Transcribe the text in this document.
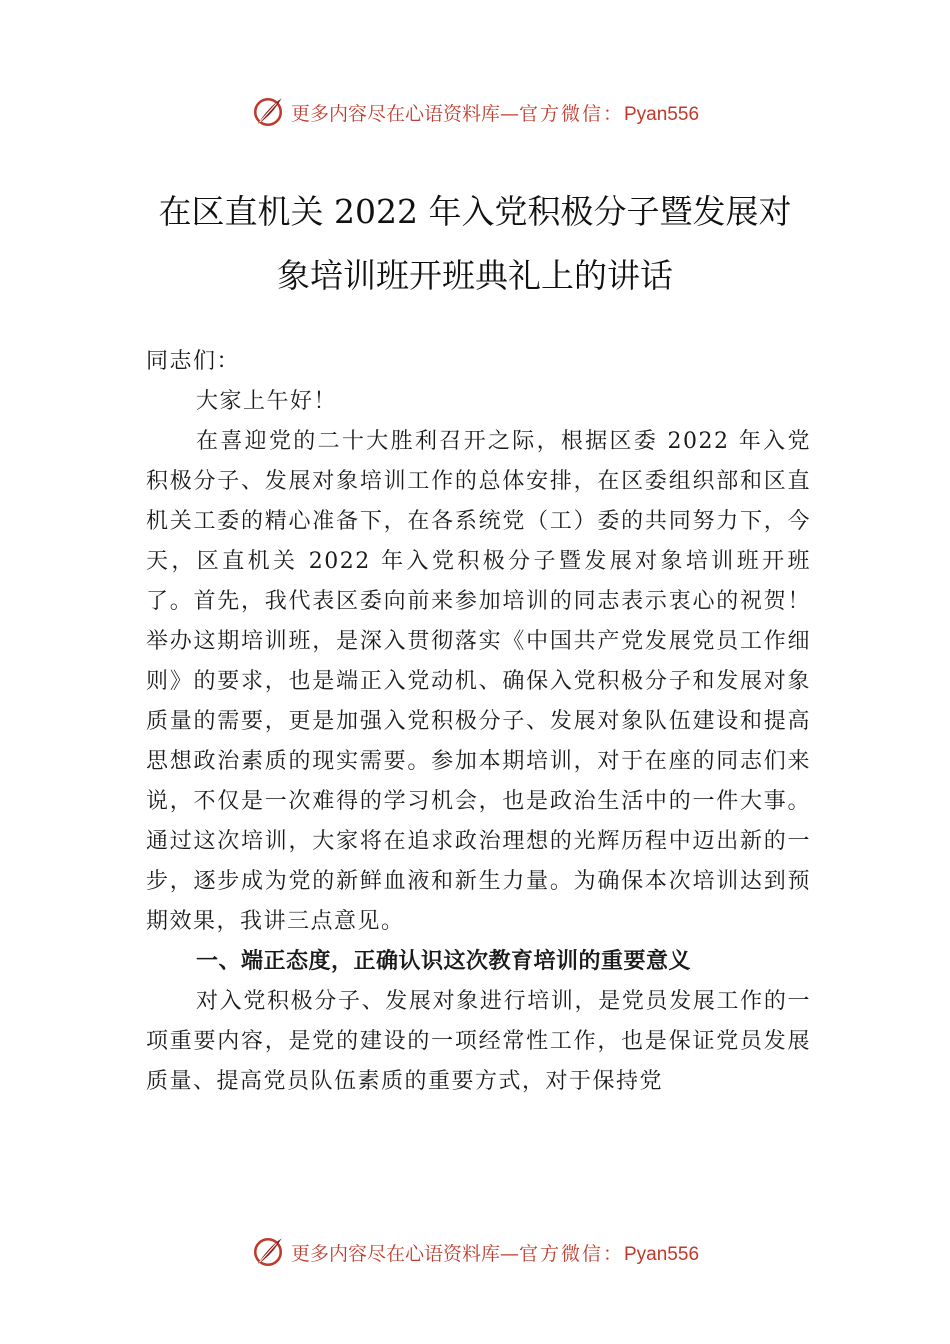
更多内容尽在心语资料库—官方微信：Pyan556
在区直机关 2022 年入党积极分子暨发展对
象培训班开班典礼上的讲话

同志们：

大家上午好！

在喜迎党的二十大胜利召开之际，根据区委 2022 年入党积极分子、发展对象培训工作的总体安排，在区委组织部和区直机关工委的精心准备下，在各系统党（工）委的共同努力下，今天，区直机关 2022 年入党积极分子暨发展对象培训班开班了。首先，我代表区委向前来参加培训的同志表示衷心的祝贺！举办这期培训班，是深入贯彻落实《中国共产党发展党员工作细则》的要求，也是端正入党动机、确保入党积极分子和发展对象质量的需要，更是加强入党积极分子、发展对象队伍建设和提高思想政治素质的现实需要。参加本期培训，对于在座的同志们来说，不仅是一次难得的学习机会，也是政治生活中的一件大事。通过这次培训，大家将在追求政治理想的光辉历程中迈出新的一步，逐步成为党的新鲜血液和新生力量。为确保本次培训达到预期效果，我讲三点意见。

一、端正态度，正确认识这次教育培训的重要意义

对入党积极分子、发展对象进行培训，是党员发展工作的一项重要内容，是党的建设的一项经常性工作，也是保证党员发展质量、提高党员队伍素质的重要方式，对于保持党

更多内容尽在心语资料库—官方微信：Pyan556
